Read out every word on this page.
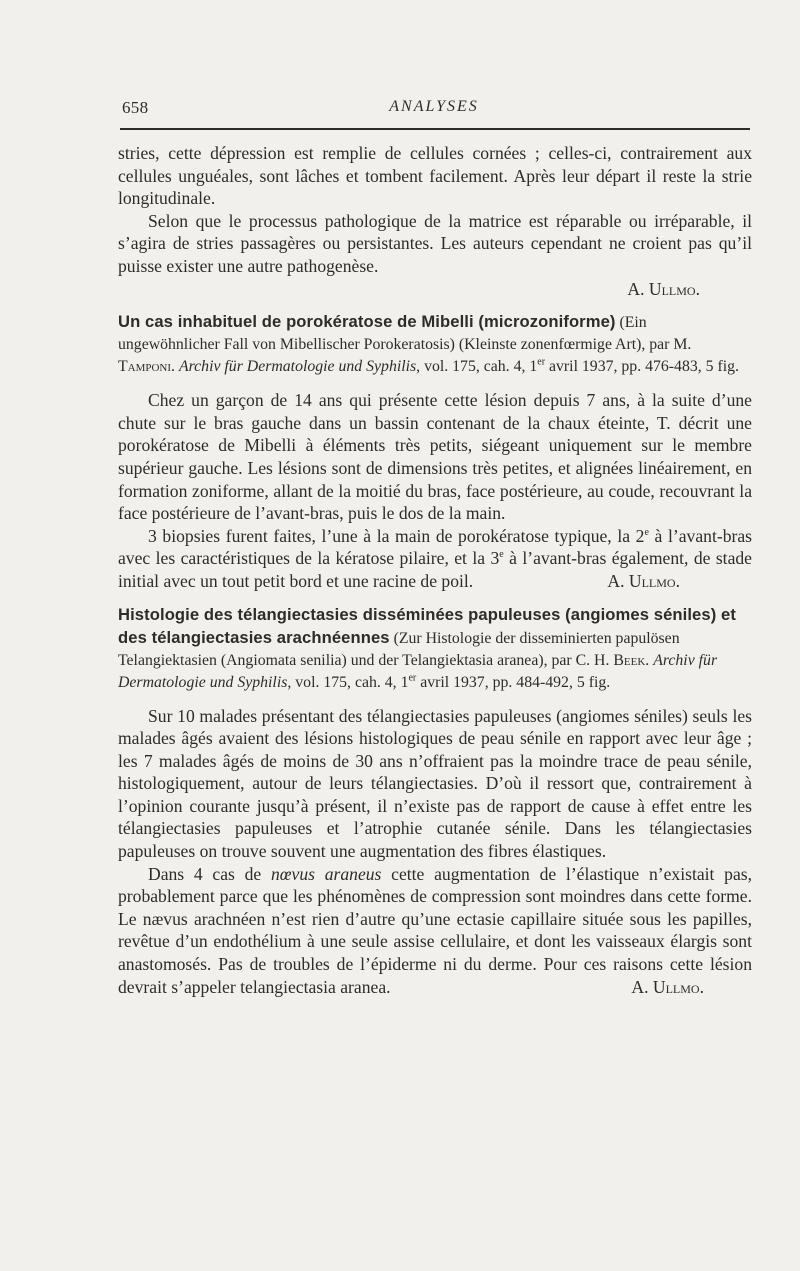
658	ANALYSES

stries, cette dépression est remplie de cellules cornées ; celles-ci, contrairement aux cellules unguéales, sont lâches et tombent facilement. Après leur départ il reste la strie longitudinale.

Selon que le processus pathologique de la matrice est réparable ou irréparable, il s’agira de stries passagères ou persistantes. Les auteurs cependant ne croient pas qu’il puisse exister une autre pathogenèse.

A. Ullmo.

Un cas inhabituel de porokératose de Mibelli (microzoniforme) (Ein ungewöhnlicher Fall von Mibellischer Porokeratosis) (Kleinste zonenfœrmige Art), par M. Tamponi. Archiv für Dermatologie und Syphilis, vol. 175, cah. 4, 1er avril 1937, pp. 476-483, 5 fig.

Chez un garçon de 14 ans qui présente cette lésion depuis 7 ans, à la suite d’une chute sur le bras gauche dans un bassin contenant de la chaux éteinte, T. décrit une porokératose de Mibelli à éléments très petits, siégeant uniquement sur le membre supérieur gauche. Les lésions sont de dimensions très petites, et alignées linéairement, en formation zoniforme, allant de la moitié du bras, face postérieure, au coude, recouvrant la face postérieure de l’avant-bras, puis le dos de la main.

3 biopsies furent faites, l’une à la main de porokératose typique, la 2e à l’avant-bras avec les caractéristiques de la kératose pilaire, et la 3e à l’avant-bras également, de stade initial avec un tout petit bord et une racine de poil.	A. Ullmo.

Histologie des télangiectasies disséminées papuleuses (angiomes séniles) et des télangiectasies arachnéennes (Zur Histologie der disseminierten papulösen Telangiektasien (Angiomata senilia) und der Telangiektasia aranea), par C. H. Beek. Archiv für Dermatologie und Syphilis, vol. 175, cah. 4, 1er avril 1937, pp. 484-492, 5 fig.

Sur 10 malades présentant des télangiectasies papuleuses (angiomes séniles) seuls les malades âgés avaient des lésions histologiques de peau sénile en rapport avec leur âge ; les 7 malades âgés de moins de 30 ans n’offraient pas la moindre trace de peau sénile, histologiquement, autour de leurs télangiectasies. D’où il ressort que, contrairement à l’opinion courante jusqu’à présent, il n’existe pas de rapport de cause à effet entre les télangiectasies papuleuses et l’atrophie cutanée sénile. Dans les télangiectasies papuleuses on trouve souvent une augmentation des fibres élastiques.

Dans 4 cas de nœvus araneus cette augmentation de l’élastique n’existait pas, probablement parce que les phénomènes de compression sont moindres dans cette forme. Le nævus arachnéen n’est rien d’autre qu’une ectasie capillaire située sous les papilles, revêtue d’un endothélium à une seule assise cellulaire, et dont les vaisseaux élargis sont anastomosés. Pas de troubles de l’épiderme ni du derme. Pour ces raisons cette lésion devrait s’appeler telangiectasia aranea.	A. Ullmo.
